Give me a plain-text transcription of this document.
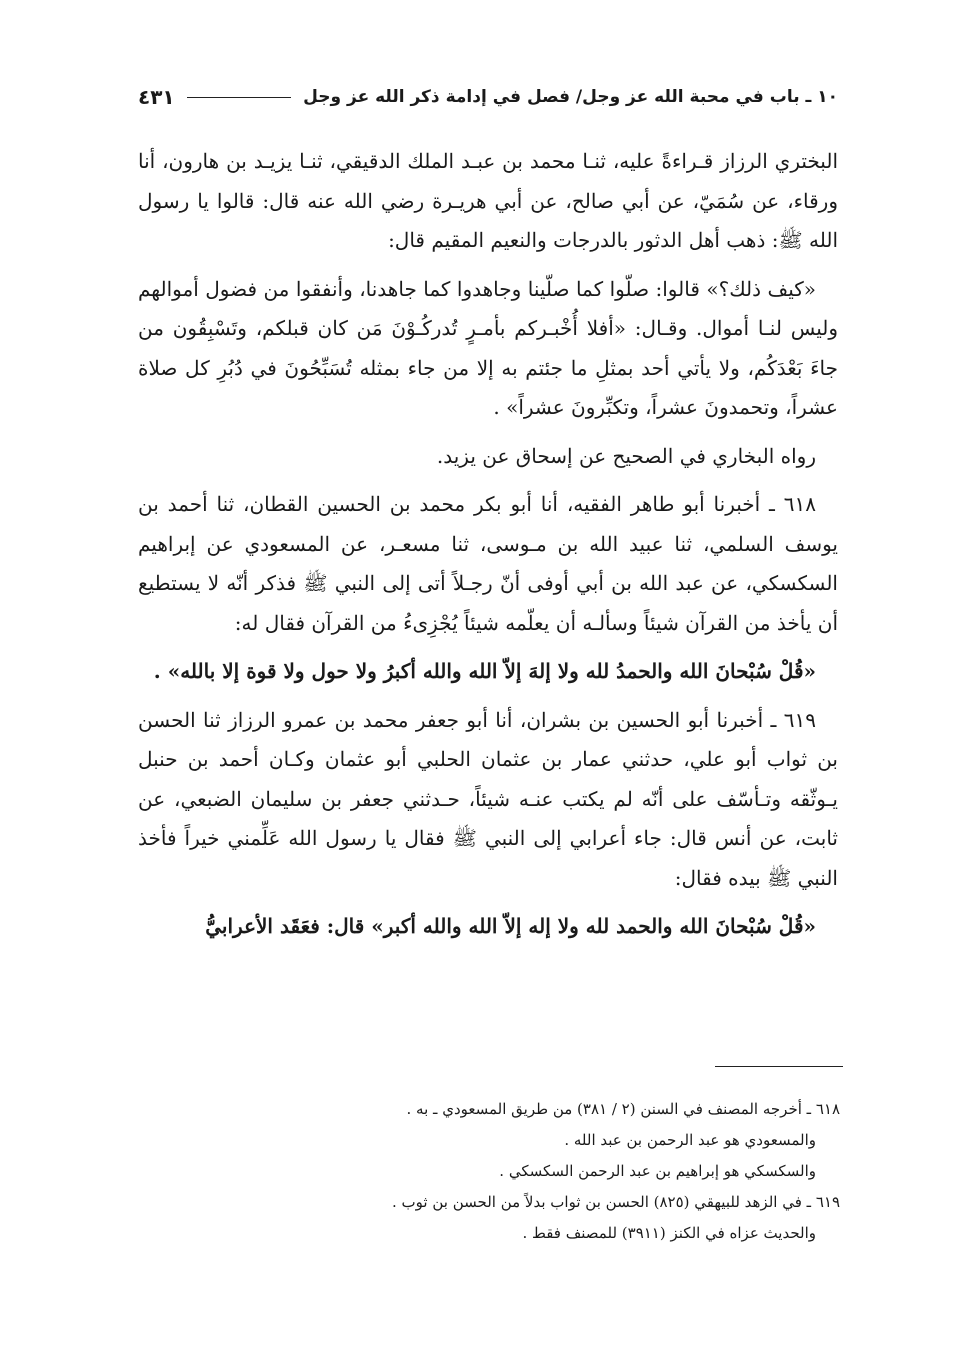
١٠ ـ باب في محبة الله عز وجل/ فصل في إدامة ذكر الله عز وجل
٤٣١

البختري الرزاز قـراءةً عليه، ثنـا محمد بن عبـد الملك الدقيقي، ثنـا يزيـد بن هارون، أنا ورقاء، عن سُمَيّ، عن أبي صالح، عن أبي هريـرة رضي الله عنه قال: قالوا يا رسول الله ﷺ: ذهب أهل الدثور بالدرجات والنعيم المقيم قال:

«كيف ذلك؟» قالوا: صلّوا كما صلّينا وجاهدوا كما جاهدنا، وأنفقوا من فضول أموالهم وليس لنـا أموال. وقـال: «أفلا أُخْبـركم بأمـرٍ تُدركُـوْنَ مَن كان قبلكم، وتَسْبِقُون من جاءَ بَعْدَكُم، ولا يأتي أحد بمثلِ ما جئتم به إلا من جاء بمثله تُسَبِّحُونَ في دُبُرِ كل صلاة عشراً، وتحمدونَ عشراً، وتكبِّرونَ عشراً» .

رواه البخاري في الصحيح عن إسحاق عن يزيد.

٦١٨ ـ أخبرنا أبو طاهر الفقيه، أنا أبو بكر محمد بن الحسين القطان، ثنا أحمد بن يوسف السلمي، ثنا عبيد الله بن مـوسى، ثنا مسعـر، عن المسعودي عن إبراهيم السكسكي، عن عبد الله بن أبي أوفى أنّ رجـلاً أتى إلى النبي ﷺ فذكر أنّه لا يستطيع أن يأخذ من القرآن شيئاً وسألـه أن يعلّمه شيئاً يُجْزِىءُ من القرآن فقال له:

«قُلْ سُبْحانَ الله والحمدُ لله ولا إلهَ إلاّ الله والله أكبرُ ولا حول ولا قوة إلا بالله» .

٦١٩ ـ أخبرنا أبو الحسين بن بشران، أنا أبو جعفر محمد بن عمرو الرزاز ثنا الحسن بن ثواب أبو علي، حدثني عمار بن عثمان الحلبي أبو عثمان وكـان أحمد بن حنبل يـوثّقه وتـأسّف على أنّه لم يكتب عنـه شيئاً، حـدثني جعفر بن سليمان الضبعي، عن ثابت، عن أنس قال: جاء أعرابي إلى النبي ﷺ فقال يا رسول الله عَلِّمني خيراً فأخذ النبي ﷺ بيده فقال:

«قُلْ سُبْحانَ الله والحمد لله ولا إله إلاّ الله والله أكبر» قال: فعَقَد الأعرابيُّ

٦١٨ ـ أخرجه المصنف في السنن (٢ / ٣٨١) من طريق المسعودي ـ به .

والمسعودي هو عبد الرحمن بن عبد الله .

والسكسكي هو إبراهيم بن عبد الرحمن السكسكي .

٦١٩ ـ في الزهد للبيهقي (٨٢٥) الحسن بن ثواب بدلاً من الحسن بن ثوب .

والحديث عزاه في الكنز (٣٩١١) للمصنف فقط .
